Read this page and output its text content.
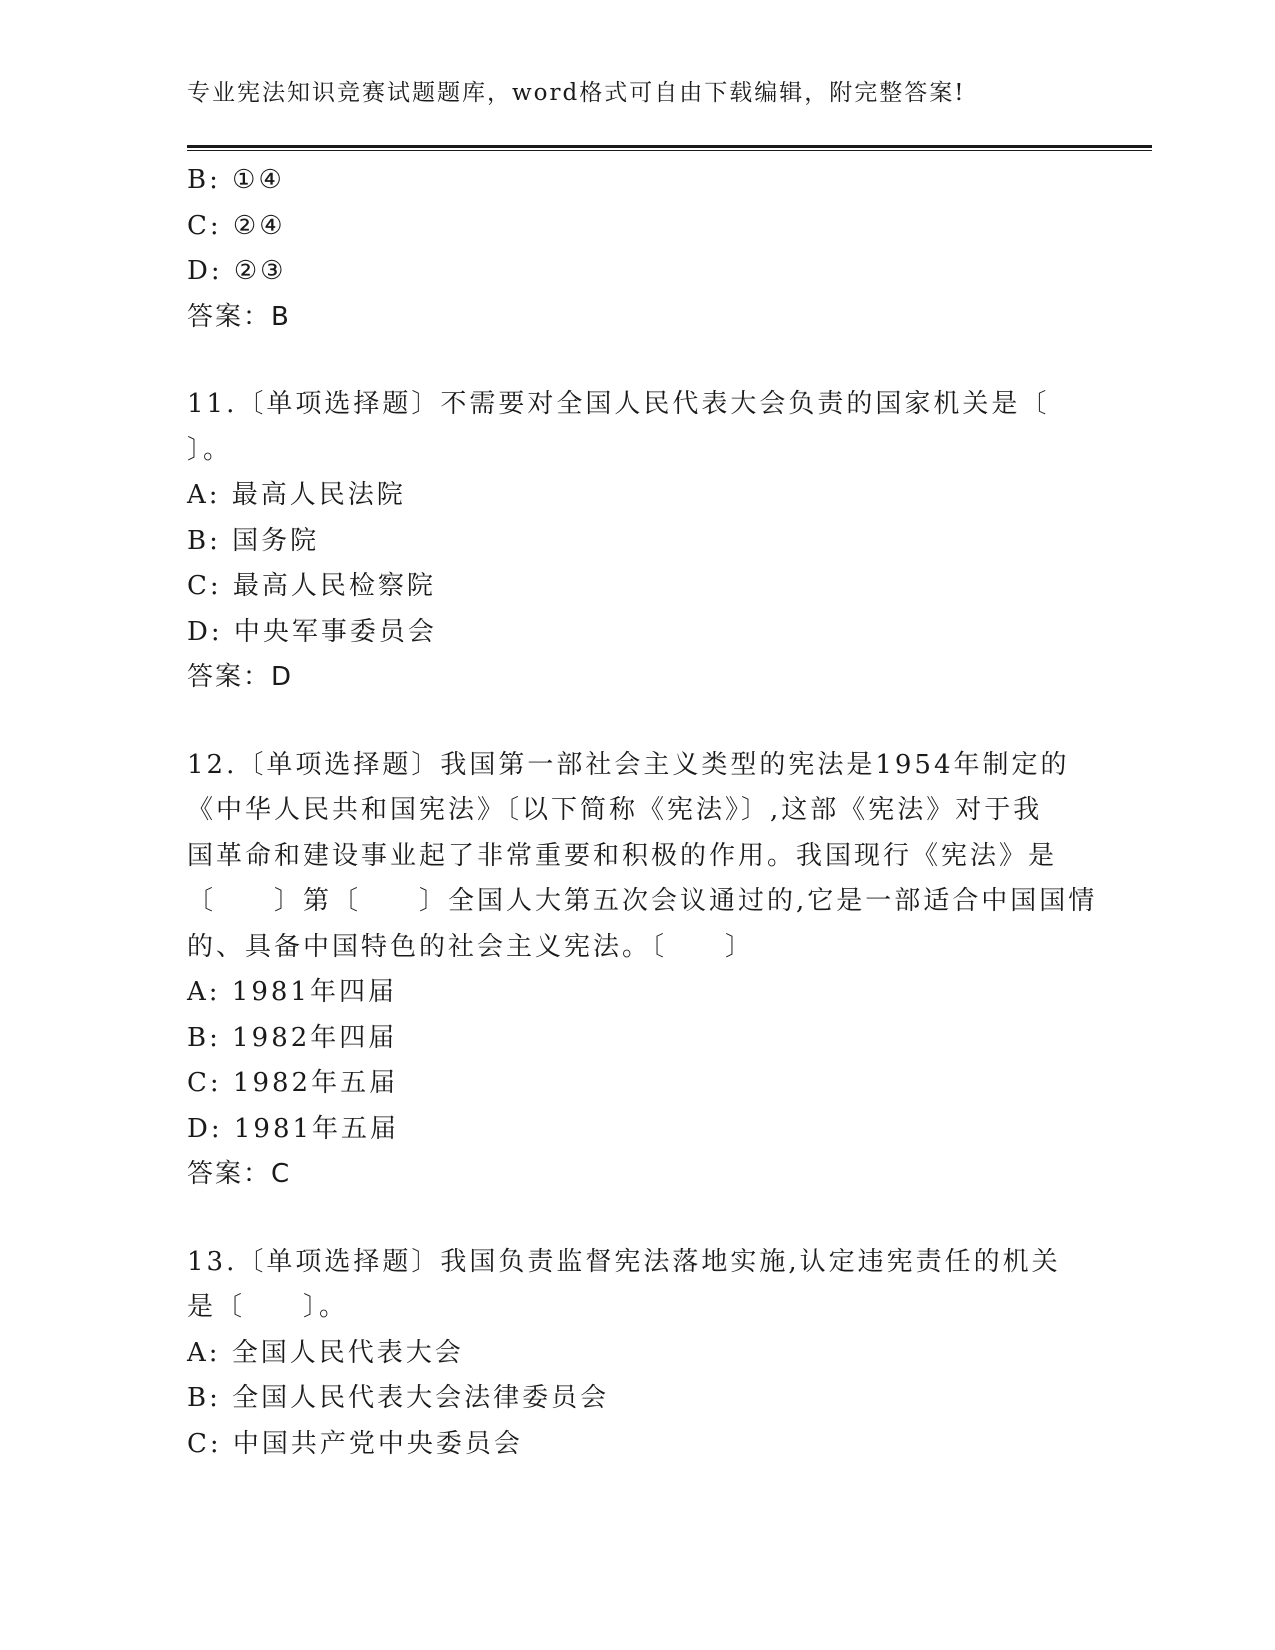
专业宪法知识竞赛试题题库，word格式可自由下载编辑，附完整答案!
B: ①④
C: ②④
D: ②③
答案：B
11.〔单项选择题〕不需要对全国人民代表大会负责的国家机关是〔
〕。
A: 最高人民法院
B: 国务院
C: 最高人民检察院
D: 中央军事委员会
答案：D
12.〔单项选择题〕我国第一部社会主义类型的宪法是1954年制定的
《中华人民共和国宪法》〔以下简称《宪法》〕,这部《宪法》对于我
国革命和建设事业起了非常重要和积极的作用。我国现行《宪法》是
〔　　〕第〔　　〕全国人大第五次会议通过的,它是一部适合中国国情
的、具备中国特色的社会主义宪法。〔　　〕
A: 1981年四届
B: 1982年四届
C: 1982年五届
D: 1981年五届
答案：C
13.〔单项选择题〕我国负责监督宪法落地实施,认定违宪责任的机关
是〔　　〕。
A: 全国人民代表大会
B: 全国人民代表大会法律委员会
C: 中国共产党中央委员会
